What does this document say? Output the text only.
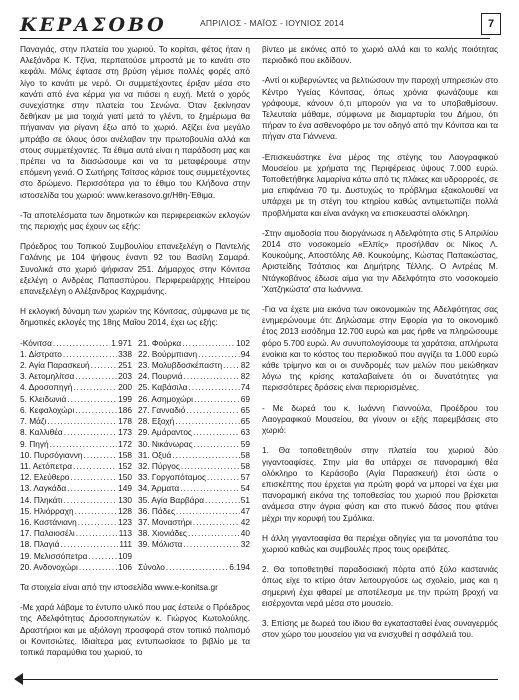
ΚΕΡΑΣΟΒΟ	ΑΠΡΙΛΙΟΣ - ΜΑΪΟΣ - ΙΟΥΝΙΟΣ 2014	7

Παναγιάς, στην πλατεία του χωριού. Το κορίτσι, φέτος ήταν η Αλεξάνδρα Κ. Τζίνα, περπατούσε μπροστά με το κανάτι στο κεφάλι. Μόλις έφτασε στη βρύση γέμισε πολλές φορές από λίγο το κανάτι με νερό. Οι συμμετέχοντες έριξαν μέσα στο κανάτι από ένα κέρμα για να πιάσει η ευχή. Μετά ο χορός συνεχίστηκε στην πλατεία του Σενώνα. Όταν ξεκίνησαν δεθήκαν με μια τοιχιά γιατί μετά το γλέντι, το ξημέρωμα θα πήγαιναν για ρίγανη έξω από το χωριό. Αξίζει ένα μεγάλο μπράβο σε όλους όσοι ανέλαβαν την πρωτοβουλία αλλά και στους συμμετέχοντες. Τα έθιμα αυτά είναι η παράδοση μας και πρέπει να τα διασώσουμε και να τα μεταφέρουμε στην επόμενη γενιά. Ο Σωτήρης Τσίτσος κάρισε τους συμμετέχοντες στο δρώμενο. Περισσότερα για το έθιμο του Κλήδονα στην ιστοσελίδα του χωριού: www.kerasovo.gr/Ηθη-Έθιμα.

-Τα αποτελέσματα των δημοτικών και περιφερειακών εκλογών της περιοχής μας έχουν ως εξής:

Πρόεδρος του Τοπικού Συμβουλίου επανεξελέγη ο Παντελής Γαλάνης με 104 ψήφους έναντι 92 του Βασίλη Σαμαρά. Συνολικά στο χωριό ψήφισαν 251. Δήμαρχος στην Κόνιτσα εξελέγη ο Ανδρέας Παπασπύρου. Περιφερειάρχης Ηπείρου επανεξελέγη ο Αλέξανδρος Καχριμάνης.

Η εκλογική δύναμη των χωριών της Κόνιτσας, σύμφωνα με τις δημοτικές εκλογές της 18ης Μαΐου 2014, έχει ως εξής:

-Κόνιτσα .....	1.971
1. Δίστρατο .....	338
2. Αγία Παρασκευή .....	251
3. Αετομηλίτσα .....	203
4. Δροσοπηγή .....	200
5. Κλειδωνιά .....	199
6. Κεφαλοχώρι .....	186
7. Μάζι .....	178
8. Καλλιθέα .....	173
9. Πηγή .....	172
10. Πυρσόγιαννη .....	158
11. Αετόπετρα .....	152
12. Ελεύθερο .....	150
13. Λαγκάδα .....	149
14. Πληκάτι .....	130
15. Ηλιόρραχη .....	128
16. Καστάνιανη .....	123
17. Παλαιοσέλι .....	113
18. Πλαγιά .....	111
19. Μελισσόπετρα .....	109
20. Ανδονοχώρι .....	106
21. Φούρκα .....	102
22. Βούρμπιανη .....	94
23. Μολυβδοσκέπαστη ..... 82
24. Πουρνιά .....	82
25. Καβάσιλα .....	74
26. Ασημοχώρι .....	69
27. Γανναδιό .....	65
28. Εξοχή .....	65
29. Αμάραντος .....	63
30. Νικάνωρας .....	59
31. Οξυά .....	58
32. Πύργος .....	58
33. Γοργοπόταμος .....	57
34. Άρματα .....	54
35. Αγία Βαρβάρα .....	51
36. Πάδες .....	47
37. Μοναστήρι .....	42
38. Χιονιάδες .....	40
39. Μόλιστα .....	32
Σύνολο .....	6.194

Τα στοιχεία είναι από την ιστοσελίδα www.e-konitsa.gr

-Με χαρά λάβαμε το έντυπο υλικό που μας έστειλε ο Πρόεδρος της Αδελφότητας Δροσοπηγιωτών κ. Γιώργος Κωτολούλης. Δραστήριοι και με αξιόλογη προσφορά στον τοπικό πολιτισμό οι Κονιτσιώτες. Ιδιαίτερα μας εντυπωσίασε το βιβλίο με τα τοπικά παραμύθια του χωριού, το

βίντεο με εικόνες από το χωριό αλλά και το καλής ποιότητας περιοδικό που εκδίδουν.

-Αντί οι κυβερνώντες να βελτιώσουν την παροχή υπηρεσιών στο Κέντρο Υγείας Κόνιτσας, όπως χρόνια φωνάζουμε και γράφουμε, κάνουν ό,τι μπορούν για να το υποβαθμίσουν. Τελευταία μάθαμε, σύμφωνα με διαμαρτυρία του Δήμου, ότι πήραν το ένα ασθενοφόρο με τον οδηγό από την Κόνιτσα και τα πήγαν στα Γιάννενα.

-Επισκευάστηκε ένα μέρος της στέγης του Λαογραφικού Μουσείου με χρήματα της Περιφέρειας ύψους 7.000 ευρώ. Τοποθετήθηκε λαμαρίνα κάτω από τις πλάκες και υδρορροές, σε μια επιφάνεια 70 τμ. Δυστυχώς το πρόβλημα εξακολουθεί να υπάρχει με τη στέγη του κτηρίου καθώς αντιμετωπίζει πολλά προβλήματα και είναι ανάγκη να επισκευαστεί ολόκληρη.

-Στην αιμοδοσία που διοργάνωσε η Αδελφότητα στις 5 Απριλίου 2014 στο νοσοκομείο «Ελπίς» προσήλθαν οι: Νίκος Λ. Κουκούμης, Αποστόλης Αθ. Κουκούμης, Κώστας Παπακώστας, Αριστείδης Τσάτσιος και Δημήτρης Τέλλης. Ο Αντρέας Μ. Ντάγκοβάνος έδωσε αίμα για την Αδελφότητα στο νοσοκομείο 'Χατζηκώστα' στα Ιωάννινα.

-Για να έχετε μια εικόνα των οικονομικών της Αδελφότητας σας ενημερώνουμε ότι: Δηλώσαμε στην Εφορία για το οικονομικό έτος 2013 εισόδημα 12.700 ευρώ και μας ήρθε να πληρώσουμε φόρο 5.700 ευρώ. Αν συνυπολογίσουμε τα χαράτσια, απλήρωτα ενοίκια και το κόστος του περιοδικού που αγγίζει τα 1.000 ευρώ κάθε τρίμηνο και οι οι συνδρομές των μελών που μειώθηκαν λόγω της κρίσης καταλαβαίνετε ότι οι δυνατότητες για περισσότερες δράσεις είναι περιορισμένες.

- Με δωρεά του κ. Ιωάννη Γιαννούλα, Προέδρου του Λαογραφικού Μουσείου, θα γίνουν οι εξής παρεμβάσεις στο χωριό:

1. Θα τοποθετηθούν στην πλατεία του χωριού δύο γιγαντοαφίσες. Στην μία θα υπάρχει σε πανοραμική θέα ολόκληρο το Κεράσοβο (Αγία Παρασκευή) έτσι ώστε ο επισκέπτης που έρχεται για πρώτη φορά να μπορεί να έχει μια πανοραμική εικόνα της τοποθεσίας του χωριού που βρίσκεται ανάμεσα στην άγρια φύση και στο πυκνό δάσος που φτάνει μέχρι την κορυφή του Σμόλικα.

Η άλλη γιγαντοαφίσα θα περιέχει οδηγίες για τα μονοπάτια του χωριού καθώς και συμβουλές προς τους ορειβάτες.

2. Θα τοποθετηθεί παραδοσιακή πόρτα από ξύλο καστανιάς όπως είχε το κτίριο όταν λειτουργούσε ως σχολείο, μιας και η σημερινή έχει φθαρεί με αποτέλεσμα με την πρώτη βροχή να εισέρχονται νερά μέσα στο μουσείο.

3. Επίσης με δωρεά του ίδιου θα εγκατασταθεί ένας συναγερμός στον χώρο του μουσείου για να ενισχυθεί η ασφάλειά του.
